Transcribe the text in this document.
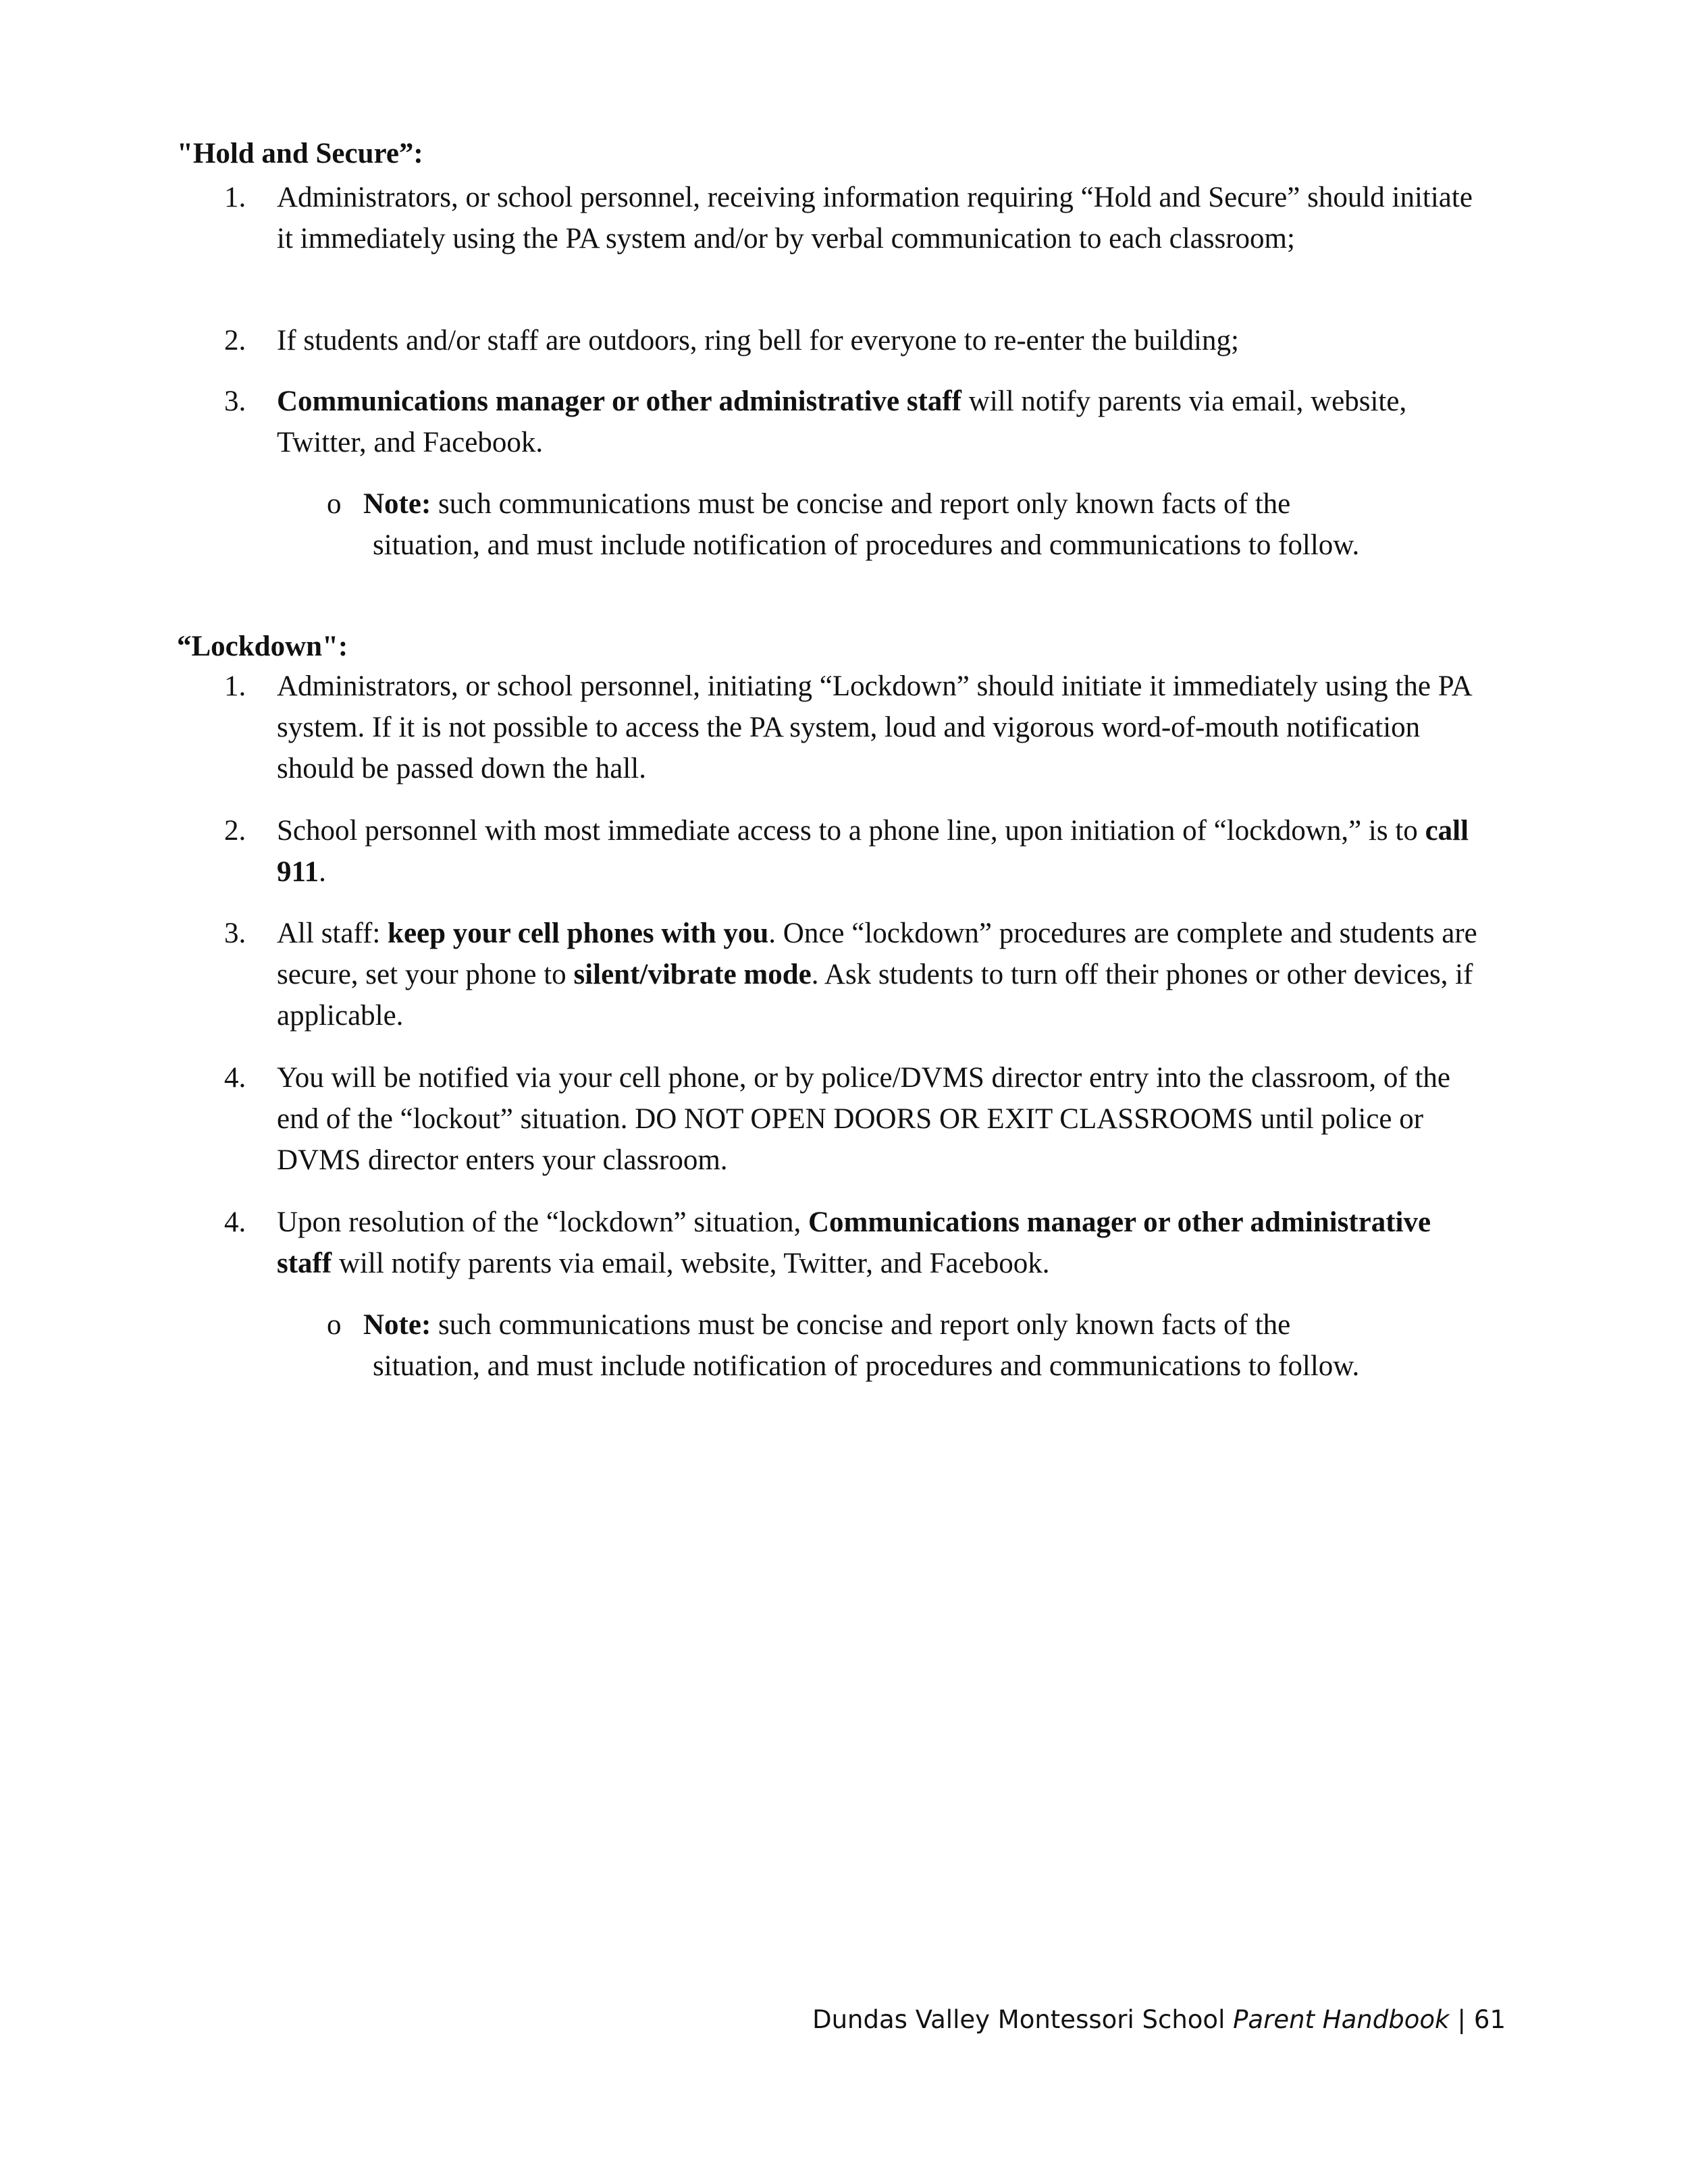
"Hold and Secure”:
1. Administrators, or school personnel, receiving information requiring “Hold and Secure” should initiate it immediately using the PA system and/or by verbal communication to each classroom;
2. If students and/or staff are outdoors, ring bell for everyone to re-enter the building;
3. Communications manager or other administrative staff will notify parents via email, website, Twitter, and Facebook.
o Note: such communications must be concise and report only known facts of the
situation, and must include notification of procedures and communications to follow.
“Lockdown":
1. Administrators, or school personnel, initiating “Lockdown” should initiate it immediately using the PA system. If it is not possible to access the PA system, loud and vigorous word-of-mouth notification should be passed down the hall.
2. School personnel with most immediate access to a phone line, upon initiation of “lockdown,” is to call 911.
3. All staff: keep your cell phones with you. Once “lockdown” procedures are complete and students are secure, set your phone to silent/vibrate mode. Ask students to turn off their phones or other devices, if applicable.
4. You will be notified via your cell phone, or by police/DVMS director entry into the classroom, of the end of the “lockout” situation. DO NOT OPEN DOORS OR EXIT CLASSROOMS until police or DVMS director enters your classroom.
4. Upon resolution of the “lockdown” situation, Communications manager or other administrative staff will notify parents via email, website, Twitter, and Facebook.
o Note: such communications must be concise and report only known facts of the
situation, and must include notification of procedures and communications to follow.
Dundas Valley Montessori School Parent Handbook | 61
